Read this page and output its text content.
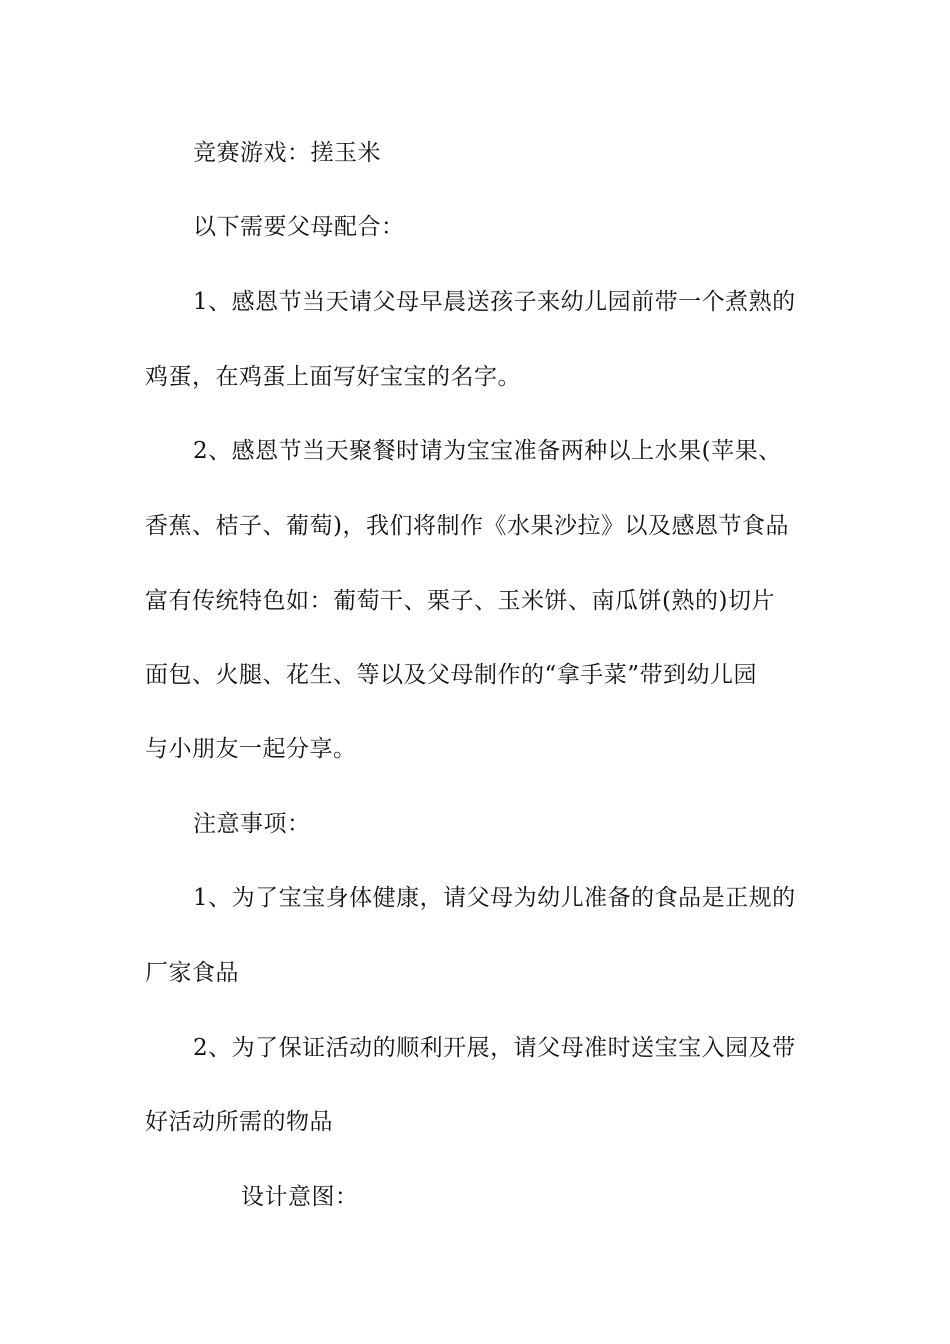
竞赛游戏：搓玉米
以下需要父母配合：
1、感恩节当天请父母早晨送孩子来幼儿园前带一个煮熟的
鸡蛋，在鸡蛋上面写好宝宝的名字。
2、感恩节当天聚餐时请为宝宝准备两种以上水果(苹果、
香蕉、桔子、葡萄)，我们将制作《水果沙拉》以及感恩节食品
富有传统特色如：葡萄干、栗子、玉米饼、南瓜饼(熟的)切片
面包、火腿、花生、等以及父母制作的“拿手菜”带到幼儿园
与小朋友一起分享。
注意事项：
1、为了宝宝身体健康，请父母为幼儿准备的食品是正规的
厂家食品
2、为了保证活动的顺利开展，请父母准时送宝宝入园及带
好活动所需的物品
设计意图：
